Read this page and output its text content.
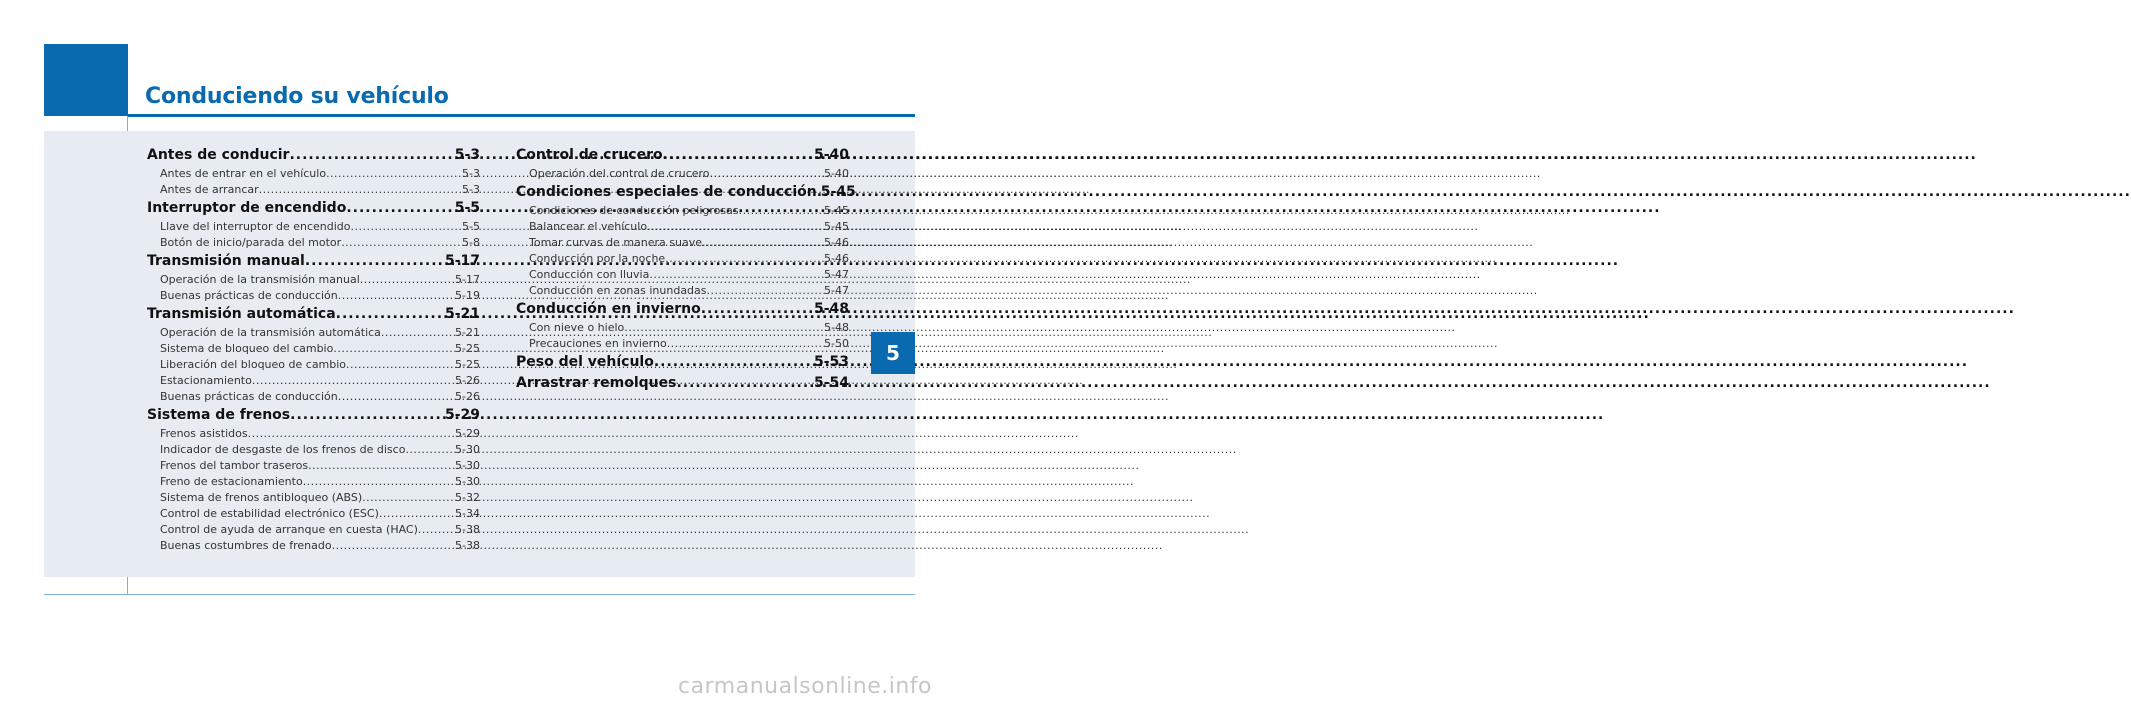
Conduciendo su vehículo
Antes de conducir .....	5-3
Antes de entrar en el vehículo .....	5-3
Antes de arrancar .....	5-3
Interruptor de encendido .....	5-5
Llave del interruptor de encendido .....	5-5
Botón de inicio/parada del motor .....	5-8
Transmisión manual .....	5-17
Operación de la transmisión manual .....	5-17
Buenas prácticas de conducción .....	5-19
Transmisión automática .....	5-21
Operación de la transmisión automática .....	5-21
Sistema de bloqueo del cambio .....	5-25
Liberación del bloqueo de cambio .....	5-25
Estacionamiento .....	5-26
Buenas prácticas de conducción .....	5-26
Sistema de frenos .....	5-29
Frenos asistidos .....	5-29
Indicador de desgaste de los frenos de disco .....	5-30
Frenos del tambor traseros .....	5-30
Freno de estacionamiento .....	5-30
Sistema de frenos antibloqueo (ABS) .....	5-32
Control de estabilidad electrónico (ESC) .....	5-34
Control de ayuda de arranque en cuesta (HAC) .....	5-38
Buenas costumbres de frenado .....	5-38
Control de crucero .....	5-40
Operación del control de crucero .....	5-40
Condiciones especiales de conducción ..... 5-45
Condiciones de conducción peligrosas .....	5-45
Balancear el vehículo .....	5-45
Tomar curvas de manera suave .....	5-46
Conducción por la noche .....	5-46
Conducción con lluvia .....	5-47
Conducción en zonas inundadas .....	5-47
Conducción en invierno .....	5-48
Con nieve o hielo .....	5-48
Precauciones en invierno .....	5-50
Peso del vehículo .....	5-53
Arrastrar remolques .....	5-54
5
carmanualsonline.info
